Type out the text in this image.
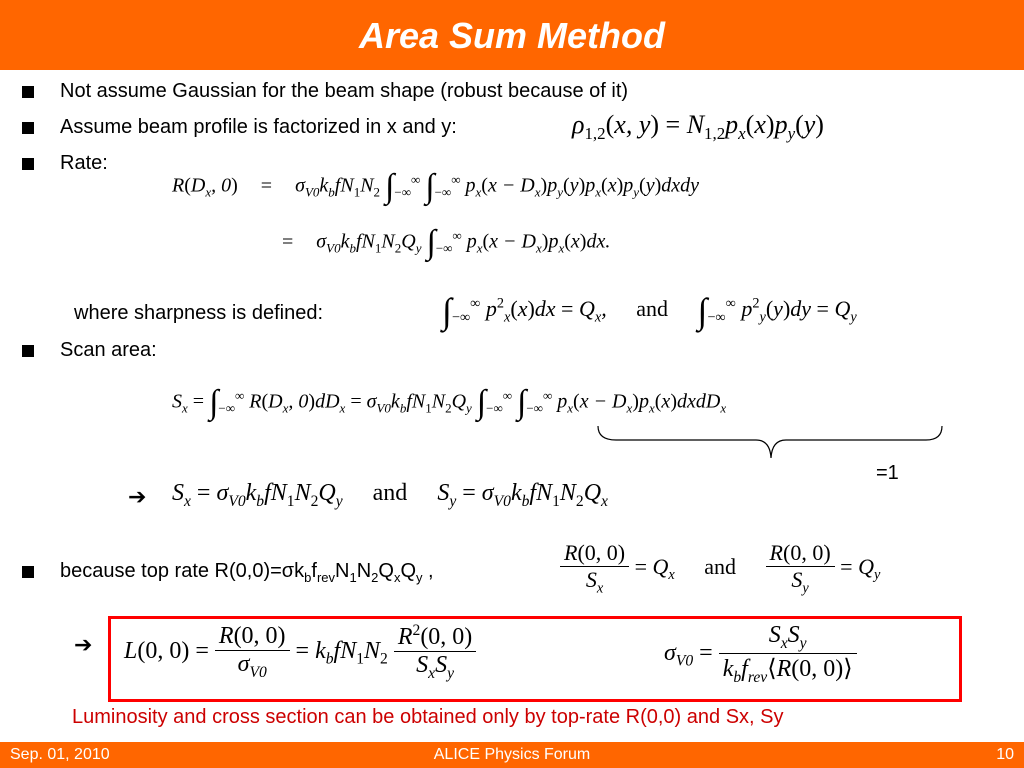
Area Sum Method
Not assume Gaussian for the beam shape (robust because of it)
Assume beam profile is factorized in x and y:	$\rho_{1,2}(x$, $y) = N_{1,2}p_x(x)p_y(y)$
Rate:
$R(D_x$, $0) = \sigma_{V0}k_bfN_1N_2$ $\int_{-\infty}^\infty$ $\int_{-\infty}^\infty$ $p_x(x$ − $D_x)p_y(y)p_x(x)p_y(y)dxdy$
= $\sigma_{V0}k_bfN_1N_2Q_y$ $\int_{-\infty}^\infty$ $p_x(x - D_x)p_x(x)dx$.
where sharpness is defined:	$\int_{-\infty}^\infty$ $p^2_x(x)dx = Q_x$, and $\int_{-\infty}^\infty$ $p^2_y(y)dy = Q_y$
Scan area:
$S_x = \int_{-\infty}^\infty$ $R(D_x$, $0)dD_x = \sigma_{V0}k_bfN_1N_2Q_y$ $\int_{-\infty}^\infty$ $\int_{-\infty}^\infty$ $p_x(x$ − $D_x)p_x(x)dxdD_x$
=1
➔ $S_x = \sigma_{V0}k_bfN_1N_2Q_y$ and $S_y = \sigma_{V0}k_bfN_1N_2Q_x$
because top rate $R(0,0)=\sigma k_bf_{rev}N_1N_2Q_xQ_y$ ,	$\frac{R(0, 0)}{S_x} = Q_x$ and $\frac{R(0, 0)}{S_y} = Q_y$
➔ L(0, $0) = \frac{R(0, 0)}{\sigma_{V0}} = k_bfN_1N_2 \frac{R^2(0, 0)}{S_xS_y}$	$\sigma_{V0} = \frac{S_xS_y}{k_bf_{rev}⟨R(0, 0)⟩}$
Luminosity and cross section can be obtained only by top-rate R(0,0) and Sx, Sy
Sep. 01, 2010	ALICE Physics Forum	10
